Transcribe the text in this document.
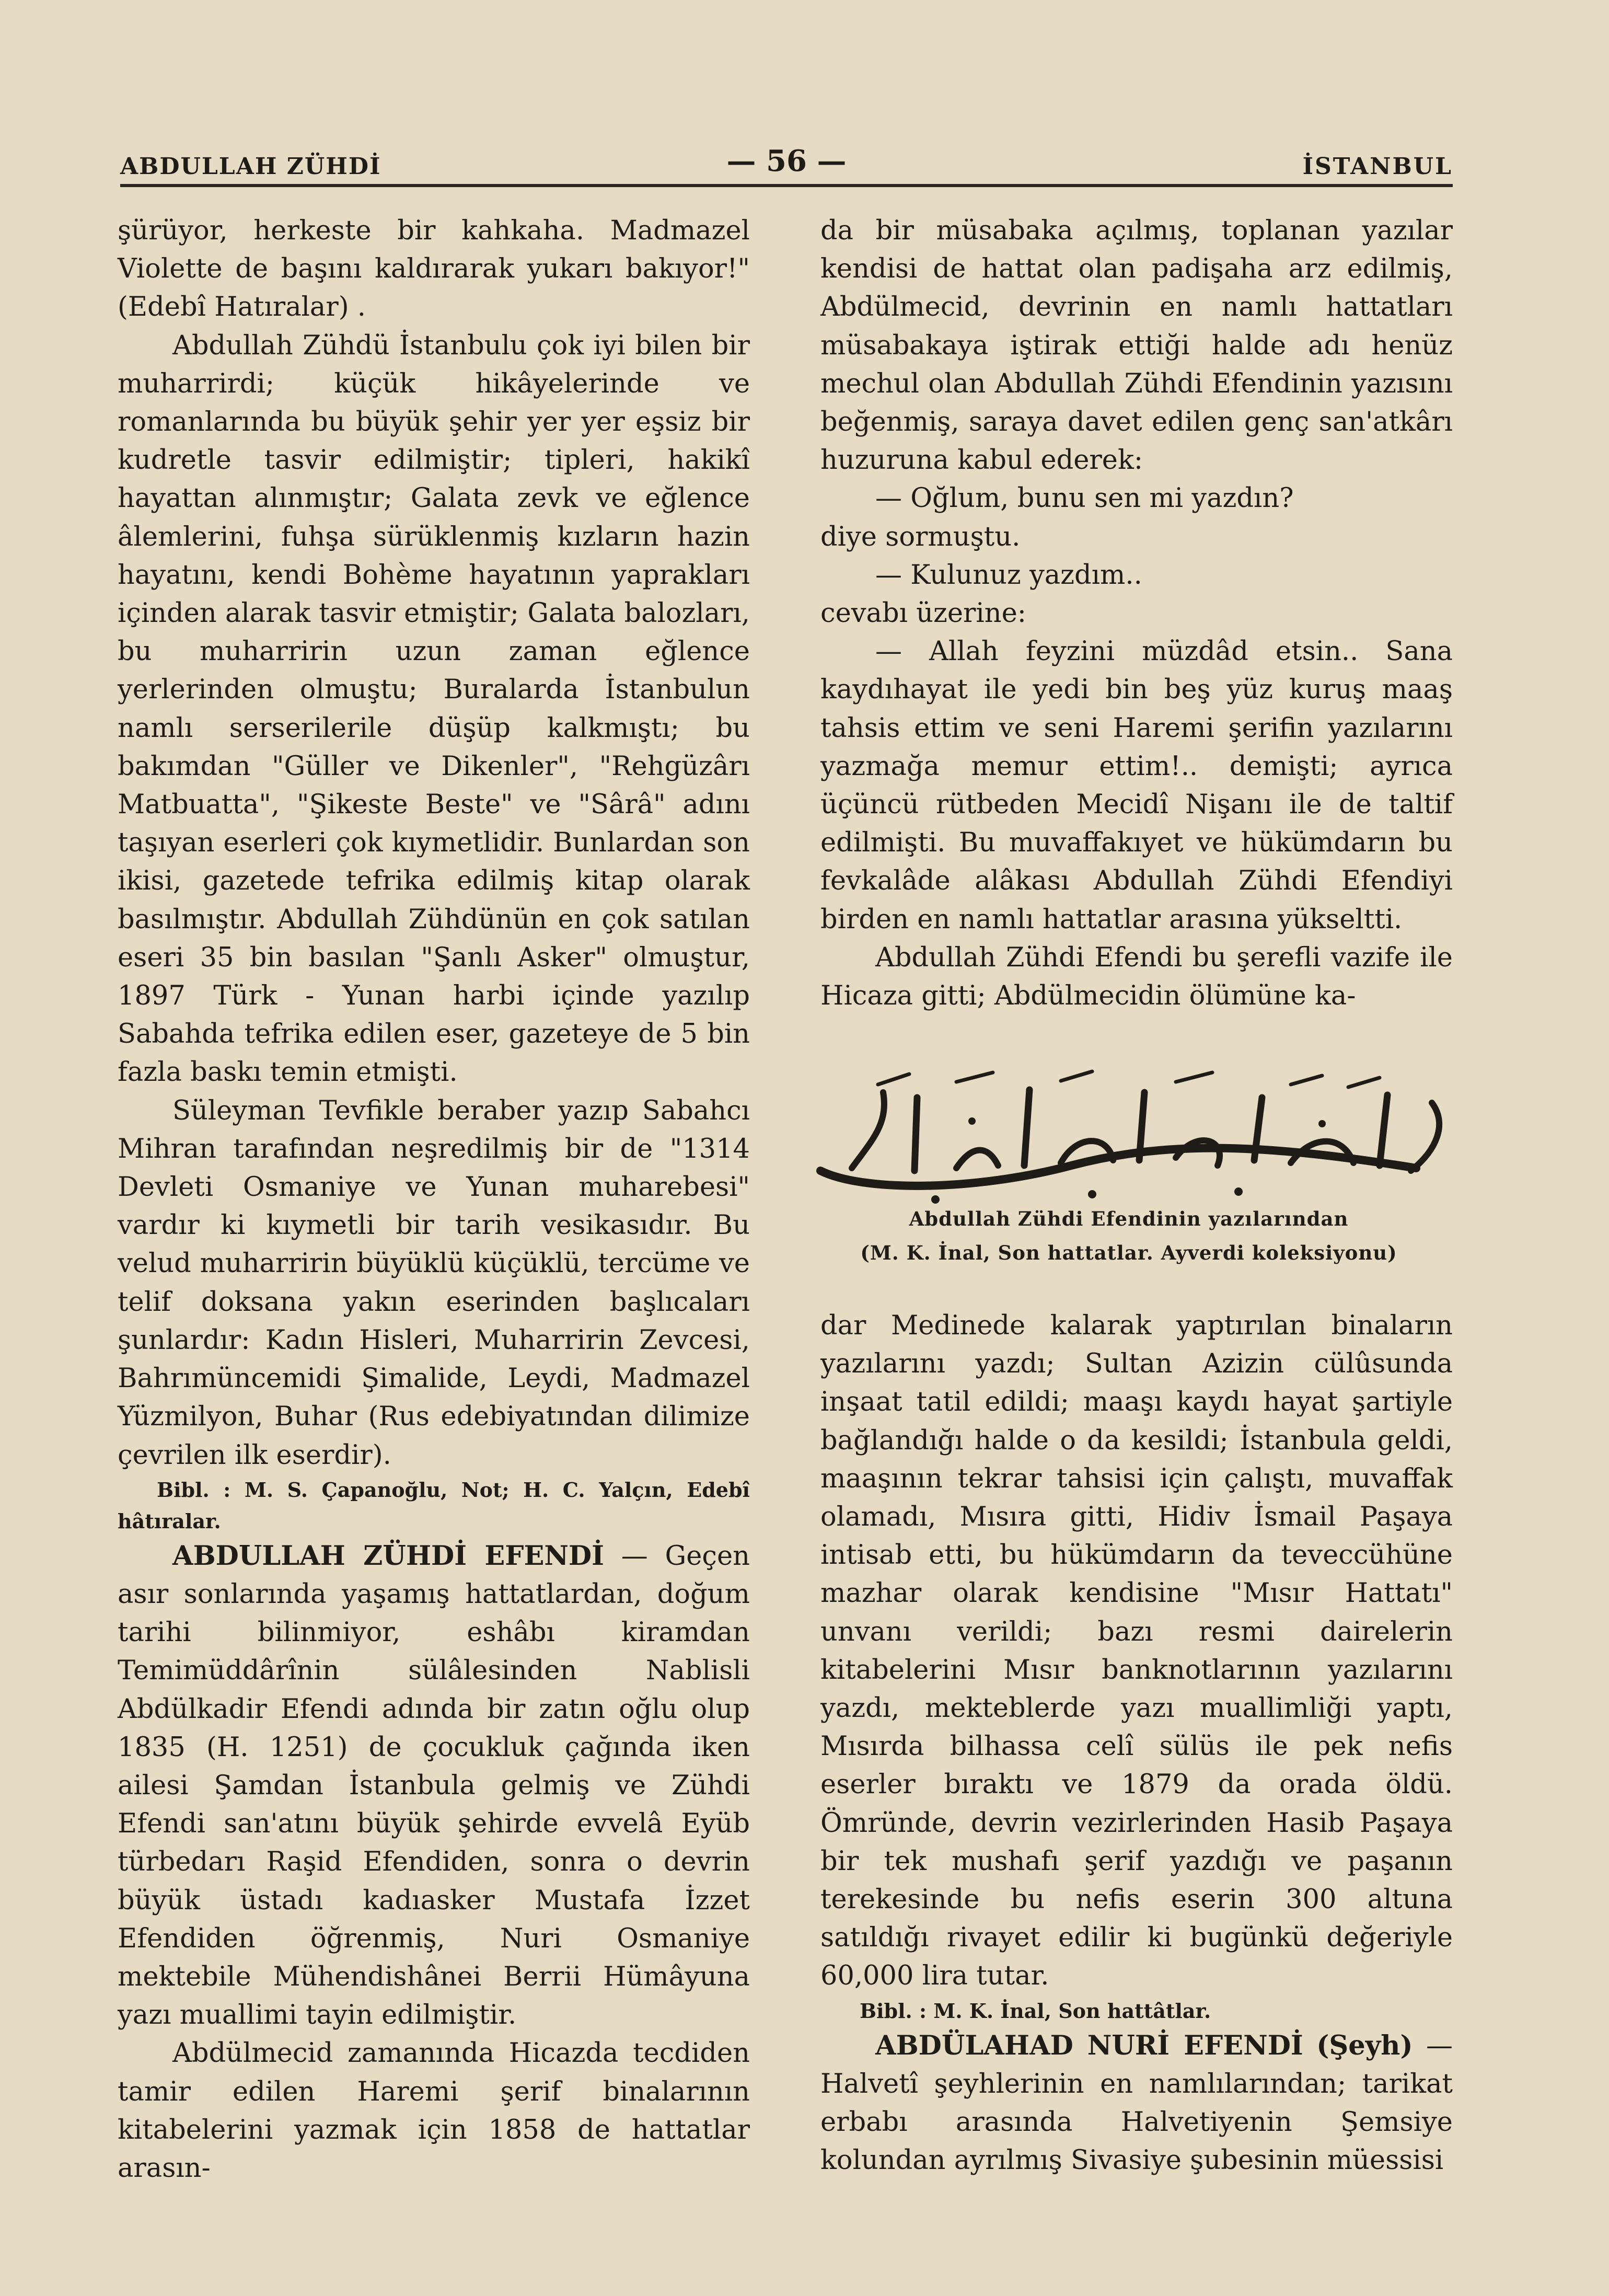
ABDULLAH ZÜHDİ	— 56 —	İSTANBUL

şürüyor, herkeste bir kahkaha. Madmazel Violette de başını kaldırarak yukarı bakıyor!" (Edebî Hatıralar) .

Abdullah Zühdü İstanbulu çok iyi bilen bir muharrirdi; küçük hikâyelerinde ve romanlarında bu büyük şehir yer yer eşsiz bir kudretle tasvir edilmiştir; tipleri, hakikî hayattan alınmıştır; Galata zevk ve eğlence âlemlerini, fuhşa sürüklenmiş kızların hazin hayatını, kendi Bohème hayatının yaprakları içinden alarak tasvir etmiştir; Galata balozları, bu muharririn uzun zaman eğlence yerlerinden olmuştu; Buralarda İstanbulun namlı serserilerile düşüp kalkmıştı; bu bakımdan "Güller ve Dikenler", "Rehgüzârı Matbuatta", "Şikeste Beste" ve "Sârâ" adını taşıyan eserleri çok kıymetlidir. Bunlardan son ikisi, gazetede tefrika edilmiş kitap olarak basılmıştır. Abdullah Zühdünün en çok satılan eseri 35 bin basılan "Şanlı Asker" olmuştur, 1897 Türk - Yunan harbi içinde yazılıp Sabahda tefrika edilen eser, gazeteye de 5 bin fazla baskı temin etmişti.

Süleyman Tevfikle beraber yazıp Sabahcı Mihran tarafından neşredilmiş bir de "1314 Devleti Osmaniye ve Yunan muharebesi" vardır ki kıymetli bir tarih vesikasıdır. Bu velud muharririn büyüklü küçüklü, tercüme ve telif doksana yakın eserinden başlıcaları şunlardır: Kadın Hisleri, Muharririn Zevcesi, Bahrımüncemidi Şimalide, Leydi, Madmazel Yüzmilyon, Buhar (Rus edebiyatından dilimize çevrilen ilk eserdir).

Bibl. : M. S. Çapanoğlu, Not; H. C. Yalçın, Edebî hâtıralar.

ABDULLAH ZÜHDİ EFENDİ — Geçen asır sonlarında yaşamış hattatlardan, doğum tarihi bilinmiyor, eshâbı kiramdan Temimüddârînin sülâlesinden Nablisli Abdülkadir Efendi adında bir zatın oğlu olup 1835 (H. 1251) de çocukluk çağında iken ailesi Şamdan İstanbula gelmiş ve Zühdi Efendi san'atını büyük şehirde evvelâ Eyüb türbedarı Raşid Efendiden, sonra o devrin büyük üstadı kadıasker Mustafa İzzet Efendiden öğrenmiş, Nuri Osmaniye mektebile Mühendishânei Berrii Hümâyuna yazı muallimi tayin edilmiştir.

Abdülmecid zamanında Hicazda tecdiden tamir edilen Haremi şerif binalarının kitabelerini yazmak için 1858 de hattatlar arasın-

da bir müsabaka açılmış, toplanan yazılar kendisi de hattat olan padişaha arz edilmiş, Abdülmecid, devrinin en namlı hattatları müsabakaya iştirak ettiği halde adı henüz mechul olan Abdullah Zühdi Efendinin yazısını beğenmiş, saraya davet edilen genç san'atkârı huzuruna kabul ederek:

— Oğlum, bunu sen mi yazdın?

diye sormuştu.

— Kulunuz yazdım..

cevabı üzerine:

— Allah feyzini müzdâd etsin.. Sana kaydıhayat ile yedi bin beş yüz kuruş maaş tahsis ettim ve seni Haremi şerifin yazılarını yazmağa memur ettim!.. demişti; ayrıca üçüncü rütbeden Mecidî Nişanı ile de taltif edilmişti. Bu muvaffakıyet ve hükümdarın bu fevkalâde alâkası Abdullah Zühdi Efendiyi birden en namlı hattatlar arasına yükseltti.

Abdullah Zühdi Efendi bu şerefli vazife ile Hicaza gitti; Abdülmecidin ölümüne ka-

Abdullah Zühdi Efendinin yazılarından
(M. K. İnal, Son hattatlar. Ayverdi koleksiyonu)

dar Medinede kalarak yaptırılan binaların yazılarını yazdı; Sultan Azizin cülûsunda inşaat tatil edildi; maaşı kaydı hayat şartiyle bağlandığı halde o da kesildi; İstanbula geldi, maaşının tekrar tahsisi için çalıştı, muvaffak olamadı, Mısıra gitti, Hidiv İsmail Paşaya intisab etti, bu hükümdarın da teveccühüne mazhar olarak kendisine "Mısır Hattatı" unvanı verildi; bazı resmi dairelerin kitabelerini Mısır banknotlarının yazılarını yazdı, mekteblerde yazı muallimliği yaptı, Mısırda bilhassa celî sülüs ile pek nefis eserler bıraktı ve 1879 da orada öldü. Ömründe, devrin vezirlerinden Hasib Paşaya bir tek mushafı şerif yazdığı ve paşanın terekesinde bu nefis eserin 300 altuna satıldığı rivayet edilir ki bugünkü değeriyle 60,000 lira tutar.

Bibl. : M. K. İnal, Son hattâtlar.

ABDÜLAHAD NURİ EFENDİ (Şeyh) — Halvetî şeyhlerinin en namlılarından; tarikat erbabı arasında Halvetiyenin Şemsiye kolundan ayrılmış Sivasiye şubesinin müessisi
